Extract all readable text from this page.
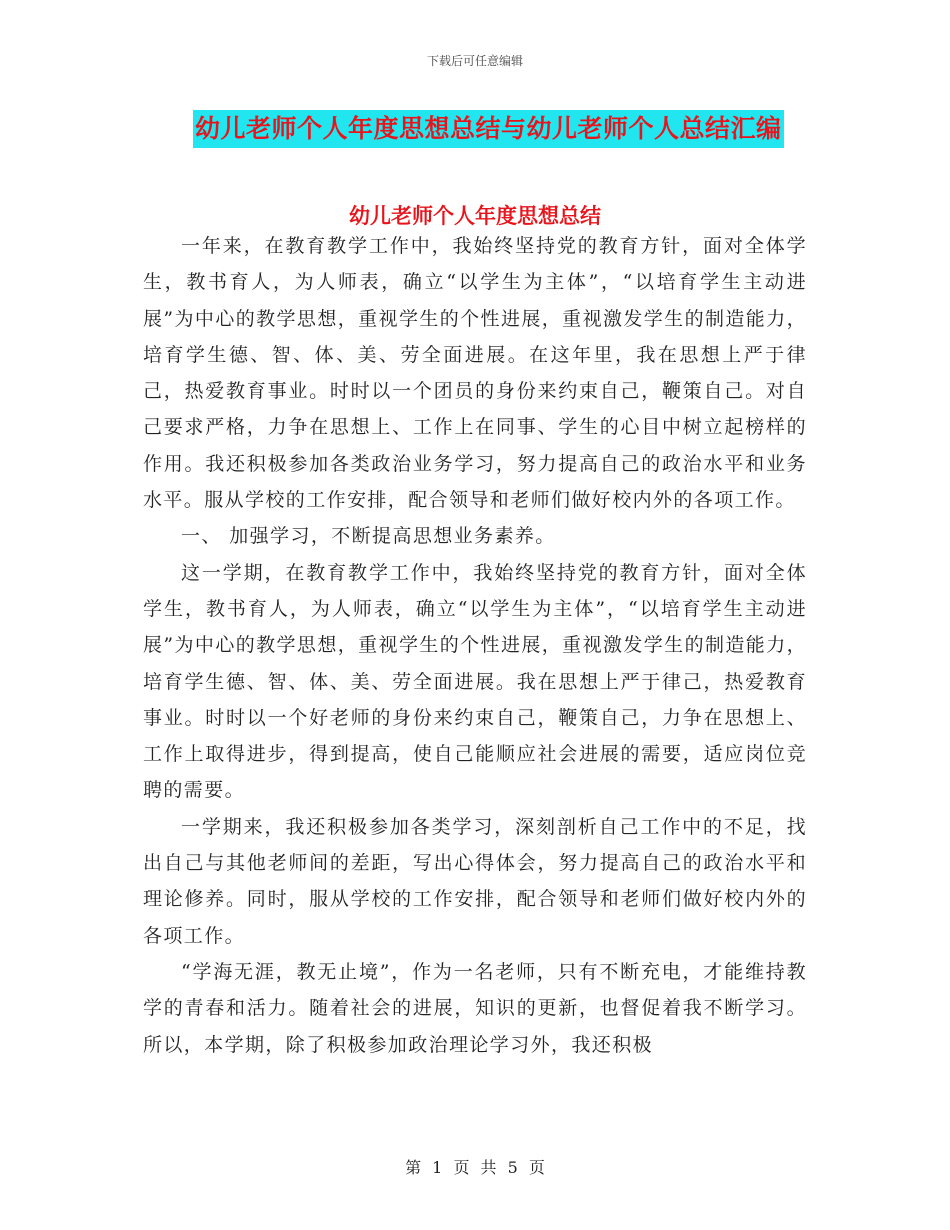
下载后可任意编辑
幼儿老师个人年度思想总结与幼儿老师个人总结汇编
幼儿老师个人年度思想总结

一年来，在教育教学工作中，我始终坚持党的教育方针，面对全体学生，教书育人，为人师表，确立“以学生为主体”，“以培育学生主动进展”为中心的教学思想，重视学生的个性进展，重视激发学生的制造能力，培育学生德、智、体、美、劳全面进展。在这年里，我在思想上严于律己，热爱教育事业。时时以一个团员的身份来约束自己，鞭策自己。对自己要求严格，力争在思想上、工作上在同事、学生的心目中树立起榜样的作用。我还积极参加各类政治业务学习，努力提高自己的政治水平和业务水平。服从学校的工作安排，配合领导和老师们做好校内外的各项工作。

一、 加强学习，不断提高思想业务素养。

这一学期，在教育教学工作中，我始终坚持党的教育方针，面对全体学生，教书育人，为人师表，确立“以学生为主体”，“以培育学生主动进展”为中心的教学思想，重视学生的个性进展，重视激发学生的制造能力，培育学生德、智、体、美、劳全面进展。我在思想上严于律己，热爱教育事业。时时以一个好老师的身份来约束自己，鞭策自己，力争在思想上、工作上取得进步，得到提高，使自己能顺应社会进展的需要，适应岗位竞聘的需要。

一学期来，我还积极参加各类学习，深刻剖析自己工作中的不足，找出自己与其他老师间的差距，写出心得体会，努力提高自己的政治水平和理论修养。同时，服从学校的工作安排，配合领导和老师们做好校内外的各项工作。

“学海无涯，教无止境”，作为一名老师，只有不断充电，才能维持教学的青春和活力。随着社会的进展，知识的更新，也督促着我不断学习。所以，本学期，除了积极参加政治理论学习外，我还积极

第 1 页 共 5 页
